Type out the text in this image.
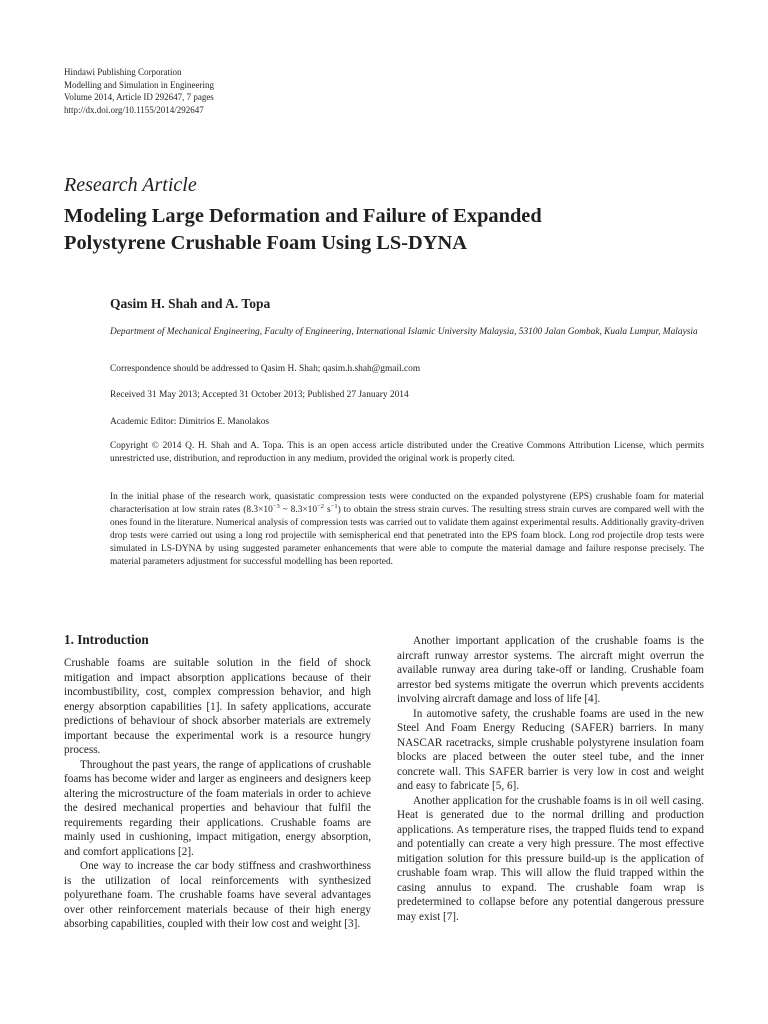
Hindawi Publishing Corporation
Modelling and Simulation in Engineering
Volume 2014, Article ID 292647, 7 pages
http://dx.doi.org/10.1155/2014/292647
Research Article
Modeling Large Deformation and Failure of Expanded
Polystyrene Crushable Foam Using LS-DYNA
Qasim H. Shah and A. Topa
Department of Mechanical Engineering, Faculty of Engineering, International Islamic University Malaysia, 53100 Jalan Gombak, Kuala Lumpur, Malaysia
Correspondence should be addressed to Qasim H. Shah; qasim.h.shah@gmail.com
Received 31 May 2013; Accepted 31 October 2013; Published 27 January 2014
Academic Editor: Dimitrios E. Manolakos
Copyright © 2014 Q. H. Shah and A. Topa. This is an open access article distributed under the Creative Commons Attribution License, which permits unrestricted use, distribution, and reproduction in any medium, provided the original work is properly cited.
In the initial phase of the research work, quasistatic compression tests were conducted on the expanded polystyrene (EPS) crushable foam for material characterisation at low strain rates ($8.3\times 10^{-3}$ ~ $8.3\times 10^{-2}$ $s^{-1}$) to obtain the stress strain curves. The resulting stress strain curves are compared well with the ones found in the literature. Numerical analysis of compression tests was carried out to validate them against experimental results. Additionally gravity-driven drop tests were carried out using a long rod projectile with semispherical end that penetrated into the EPS foam block. Long rod projectile drop tests were simulated in LS-DYNA by using suggested parameter enhancements that were able to compute the material damage and failure response precisely. The material parameters adjustment for successful modelling has been reported.
1. Introduction

Crushable foams are suitable solution in the field of shock mitigation and impact absorption applications because of their incombustibility, cost, complex compression behavior, and high energy absorption capabilities [1]. In safety applications, accurate predictions of behaviour of shock absorber materials are extremely important because the experimental work is a resource hungry process.

Throughout the past years, the range of applications of crushable foams has become wider and larger as engineers and designers keep altering the microstructure of the foam materials in order to achieve the desired mechanical properties and behaviour that fulfil the requirements regarding their applications. Crushable foams are mainly used in cushioning, impact mitigation, energy absorption, and comfort applications [2].

One way to increase the car body stiffness and crashworthiness is the utilization of local reinforcements with synthesized polyurethane foam. The crushable foams have several advantages over other reinforcement materials because of their high energy absorbing capabilities, coupled with their low cost and weight [3].

Another important application of the crushable foams is the aircraft runway arrestor systems. The aircraft might overrun the available runway area during take-off or landing. Crushable foam arrestor bed systems mitigate the overrun which prevents accidents involving aircraft damage and loss of life [4].

In automotive safety, the crushable foams are used in the new Steel And Foam Energy Reducing (SAFER) barriers. In many NASCAR racetracks, simple crushable polystyrene insulation foam blocks are placed between the outer steel tube, and the inner concrete wall. This SAFER barrier is very low in cost and weight and easy to fabricate [5, 6].

Another application for the crushable foams is in oil well casing. Heat is generated due to the normal drilling and production applications. As temperature rises, the trapped fluids tend to expand and potentially can create a very high pressure. The most effective mitigation solution for this pressure build-up is the application of crushable foam wrap. This will allow the fluid trapped within the casing annulus to expand. The crushable foam wrap is predetermined to collapse before any potential dangerous pressure may exist [7].
